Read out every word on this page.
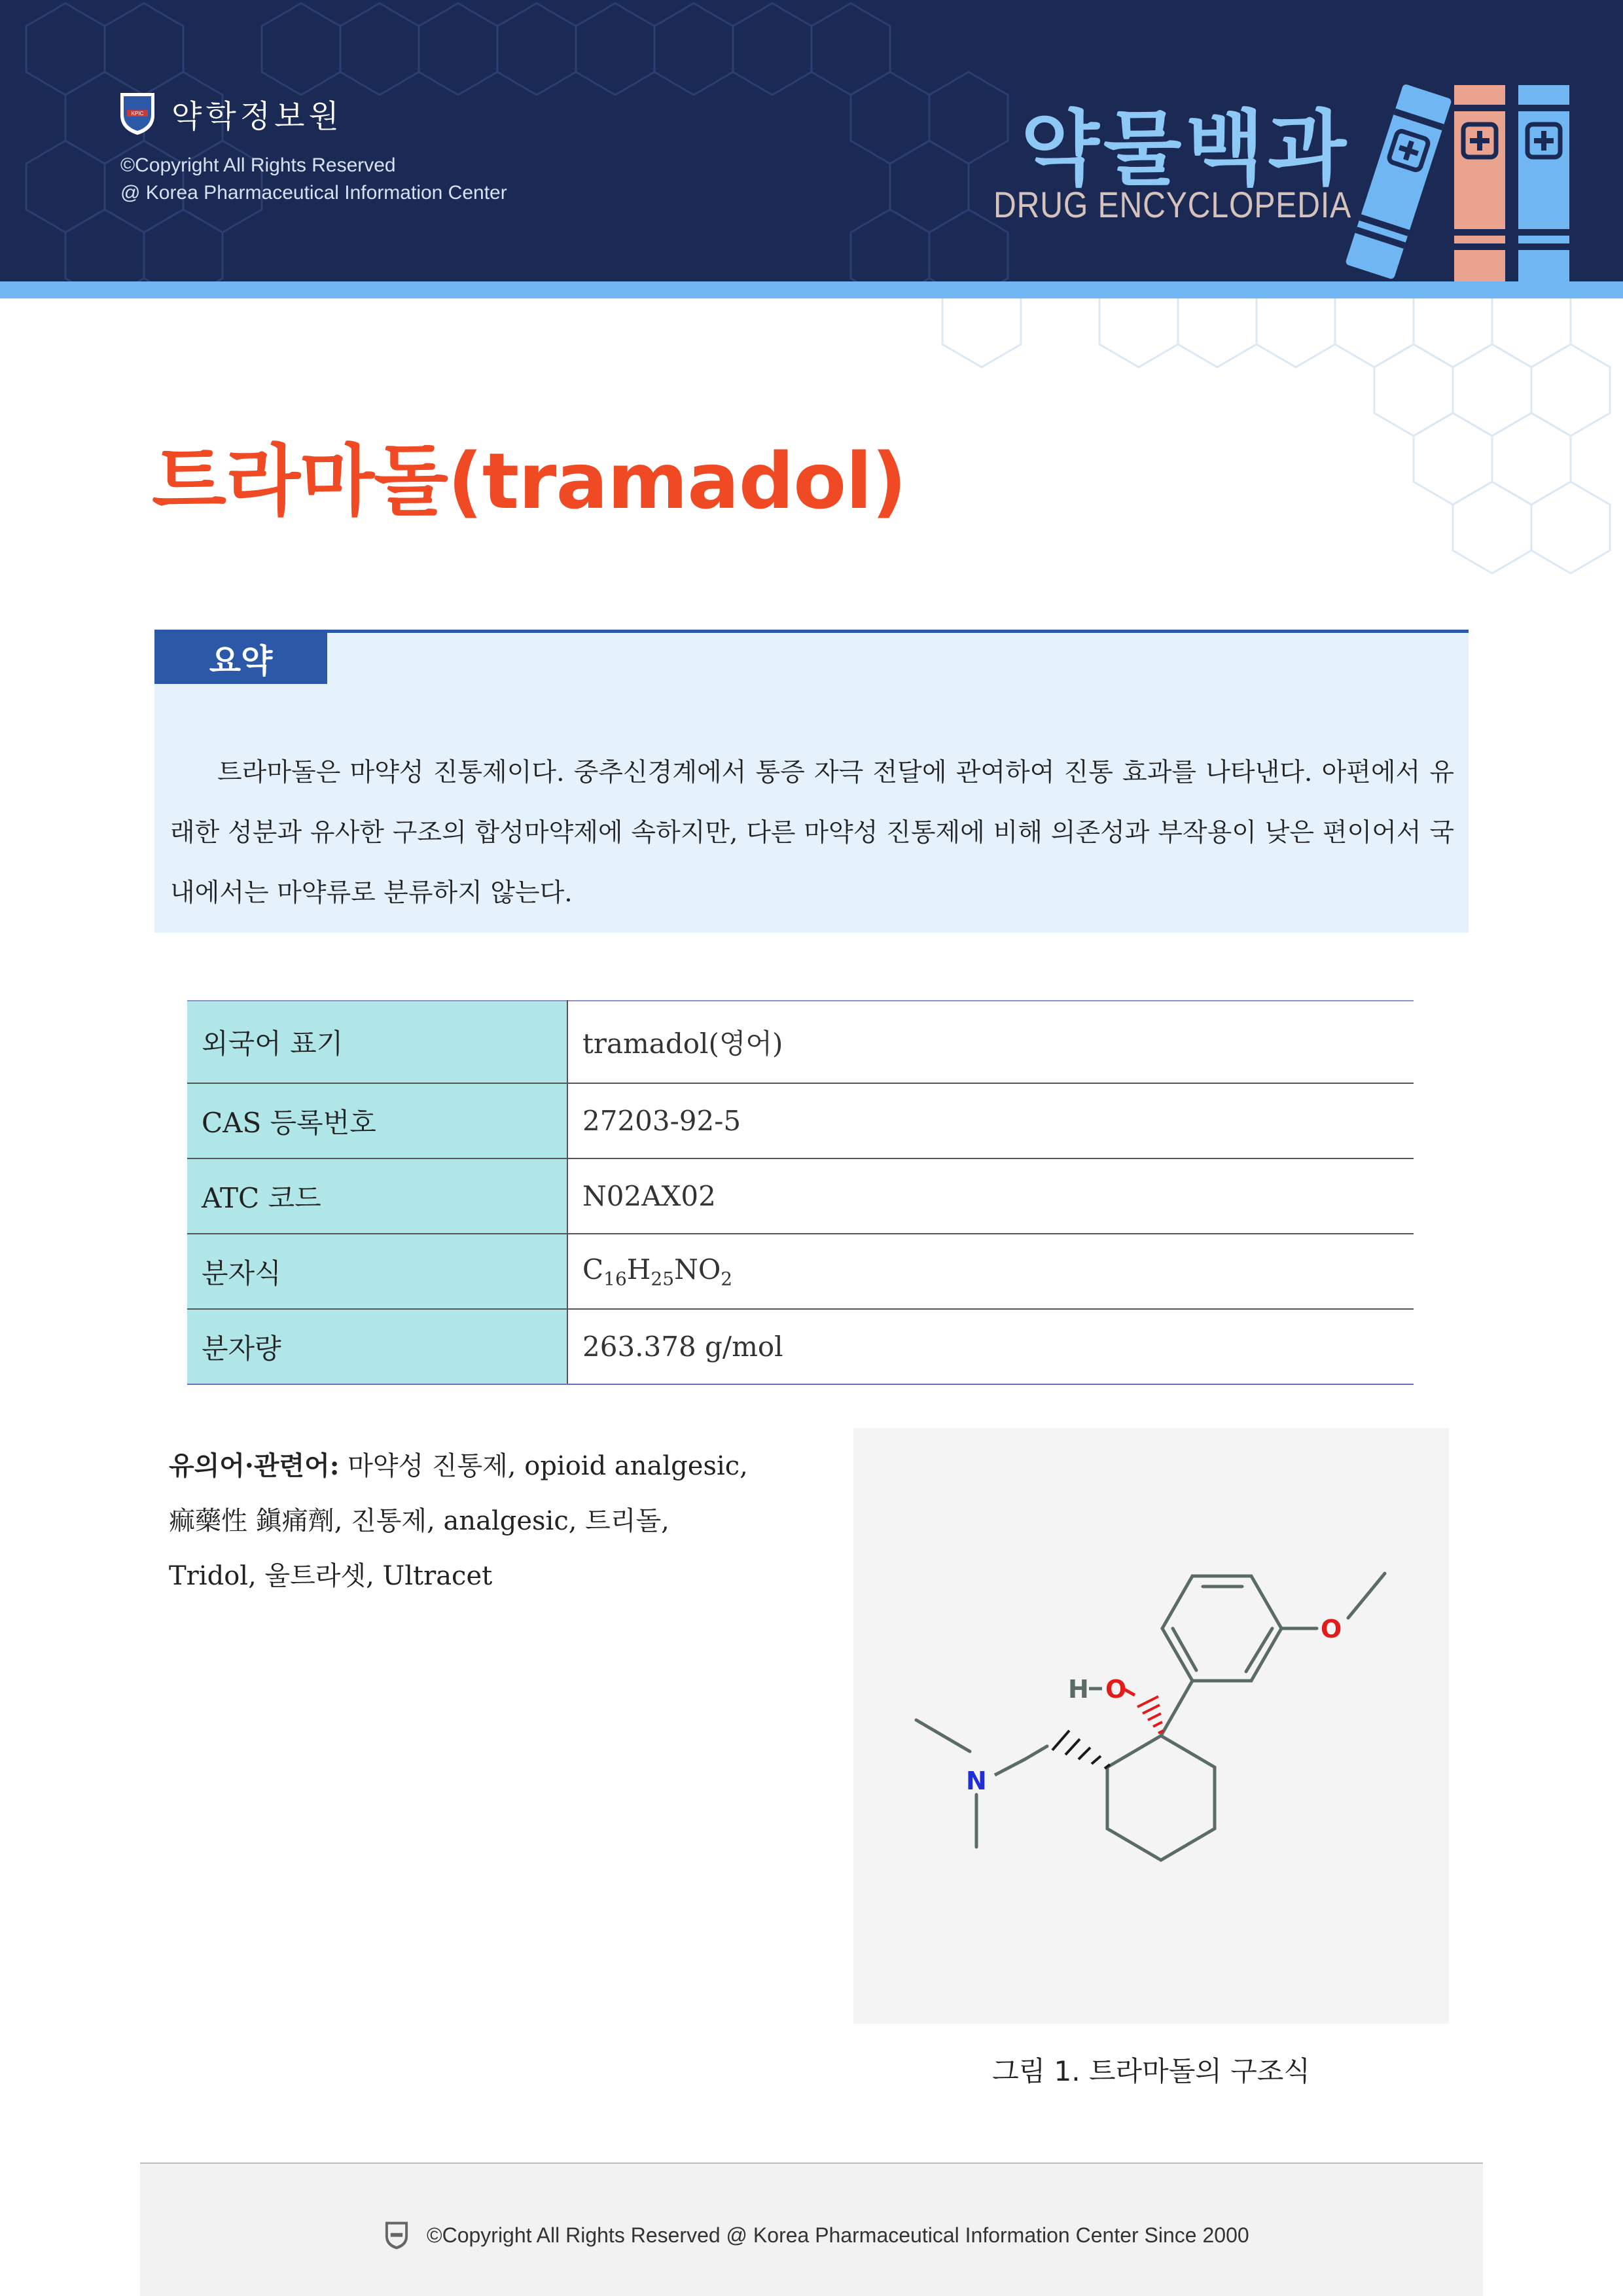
KPIC 약학정보원
©Copyright All Rights Reserved
@ Korea Pharmaceutical Information Center	약물백과
DRUG ENCYCLOPEDIA
트라마돌(tramadol)
요약
트라마돌은 마약성 진통제이다. 중추신경계에서 통증 자극 전달에 관여하여 진통 효과를 나타낸다. 아편에서 유래한 성분과 유사한 구조의 합성마약제에 속하지만, 다른 마약성 진통제에 비해 의존성과 부작용이 낮은 편이어서 국내에서는 마약류로 분류하지 않는다.
외국어 표기	tramadol(영어)
CAS 등록번호	27203-92-5
ATC 코드	N02AX02
분자식	$C_{16}H_{25}NO_2$
분자량	263.378 g/mol
유의어·관련어: 마약성 진통제, opioid analgesic, 痲藥性 鎭痛劑, 진통제, analgesic, 트리돌, Tridol, 울트라셋, Ultracet
H O
O
N
그림 1. 트라마돌의 구조식
©Copyright All Rights Reserved @ Korea Pharmaceutical Information Center Since 2000
